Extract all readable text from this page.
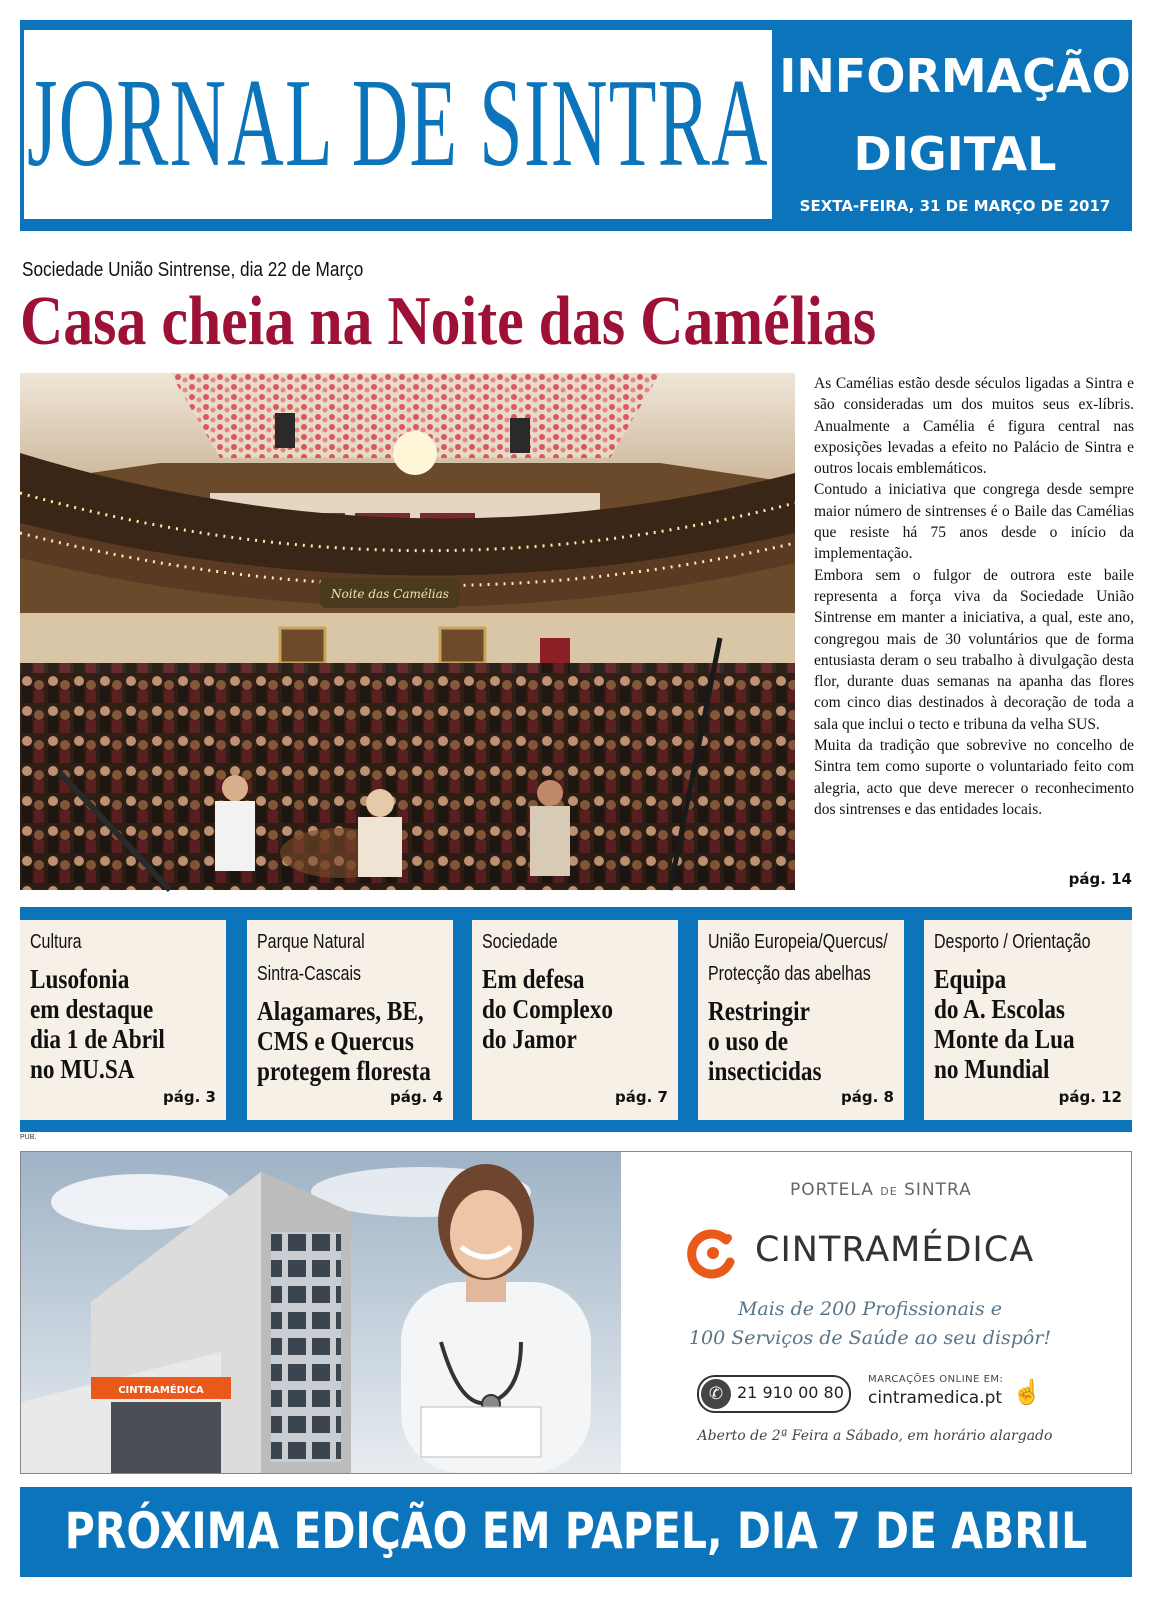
JORNAL DE SINTRA INFORMAÇÃO
DIGITAL
SEXTA-FEIRA, 31 DE MARÇO DE 2017
Sociedade União Sintrense, dia 22 de Março
Casa cheia na Noite das Camélias
Noite das Camélias

As Camélias estão desde séculos ligadas a Sintra e são consideradas um dos muitos seus ex-líbris. Anualmente a Camélia é figura central nas exposições levadas a efeito no Palácio de Sintra e outros locais emblemáticos.

Contudo a iniciativa que congrega desde sempre maior número de sintrenses é o Baile das Camélias que resiste há 75 anos desde o início da implementação.

Embora sem o fulgor de outrora este baile representa a força viva da Sociedade União Sintrense em manter a iniciativa, a qual, este ano, congregou mais de 30 voluntários que de forma entusiasta deram o seu trabalho à divulgação desta flor, durante duas semanas na apanha das flores com cinco dias destinados à decoração de toda a sala que inclui o tecto e tribuna da velha SUS.

Muita da tradição que sobrevive no concelho de Sintra tem como suporte o voluntariado feito com alegria, acto que deve merecer o reconhecimento dos sintrenses e das entidades locais.

pág. 14
Cultura
Lusofonia
em destaque
dia 1 de Abril
no MU.SA
pág. 3
Parque Natural
Sintra-Cascais
Alagamares, BE,
CMS e Quercus
protegem floresta
pág. 4
Sociedade
Em defesa
do Complexo
do Jamor
pág. 7
União Europeia/Quercus/
Protecção das abelhas
Restringir
o uso de
insecticidas
pág. 8
Desporto / Orientação
Equipa
do A. Escolas
Monte da Lua
no Mundial
pág. 12
PUB.
CINTRAMÉDICA
PORTELA DE SINTRA
CINTRAMÉDICA
Mais de 200 Profissionais e
100 Serviços de Saúde ao seu dispôr!
✆ 21 910 00 80
MARCAÇÕES ONLINE EM:
cintramedica.pt ☝
Aberto de 2ª Feira a Sábado, em horário alargado
PRÓXIMA EDIÇÃO EM PAPEL, DIA 7 DE ABRIL
